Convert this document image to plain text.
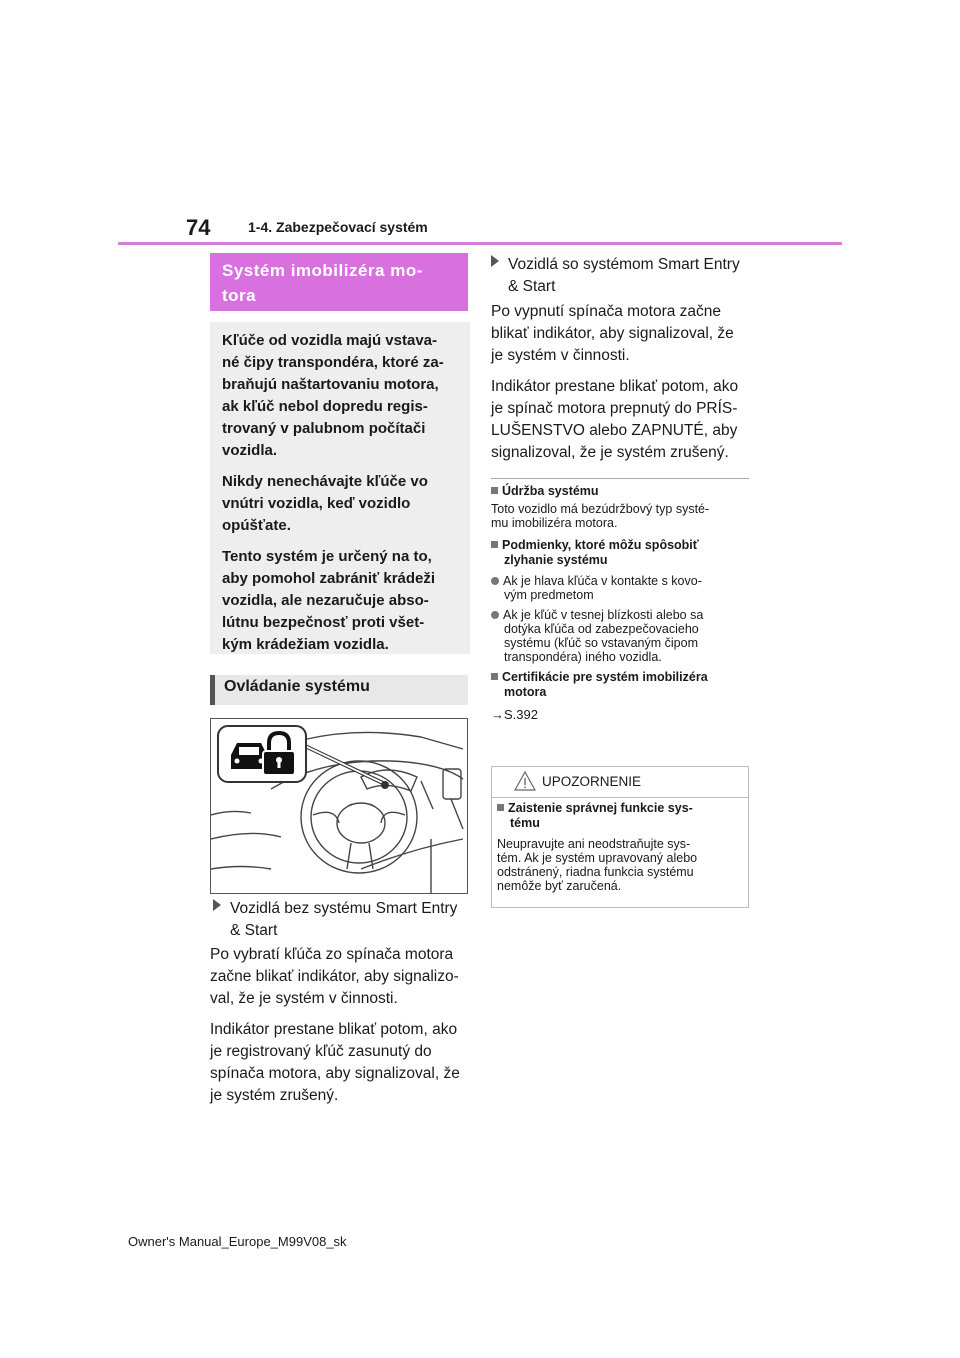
74	1-4. Zabezpečovací systém
Systém imobilizéra mo-
tora

Kľúče od vozidla majú vstava-
né čipy transpondéra, ktoré za-
braňujú naštartovaniu motora,
ak kľúč nebol dopredu regis-
trovaný v palubnom počítači
vozidla.

Nikdy nenechávajte kľúče vo
vnútri vozidla, keď vozidlo
opúšťate.

Tento systém je určený na to,
aby pomohol zabrániť krádeži
vozidla, ale nezaručuje abso-
lútnu bezpečnosť proti všet-
kým krádežiam vozidla.

Ovládanie systému
Vozidlá bez systému Smart Entry
& Start

Po vybratí kľúča zo spínača motora
začne blikať indikátor, aby signalizo-
val, že je systém v činnosti.

Indikátor prestane blikať potom, ako
je registrovaný kľúč zasunutý do
spínača motora, aby signalizoval, že
je systém zrušený.

Vozidlá so systémom Smart Entry
& Start

Po vypnutí spínača motora začne
blikať indikátor, aby signalizoval, že
je systém v činnosti.

Indikátor prestane blikať potom, ako
je spínač motora prepnutý do PRÍS-
LUŠENSTVO alebo ZAPNUTÉ, aby
signalizoval, že je systém zrušený.

Údržba systému

Toto vozidlo má bezúdržbový typ systé-
mu imobilizéra motora.

Podmienky, ktoré môžu spôsobiť
zlyhanie systému

Ak je hlava kľúča v kontakte s kovo-
vým predmetom

Ak je kľúč v tesnej blízkosti alebo sa
dotýka kľúča od zabezpečovacieho
systému (kľúč so vstavaným čipom
transpondéra) iného vozidla.

Certifikácie pre systém imobilizéra
motora

→S.392

UPOZORNENIE

Zaistenie správnej funkcie sys-
tému

Neupravujte ani neodstraňujte sys-
tém. Ak je systém upravovaný alebo
odstránený, riadna funkcia systému
nemôže byť zaručená.

Owner's Manual_Europe_M99V08_sk
